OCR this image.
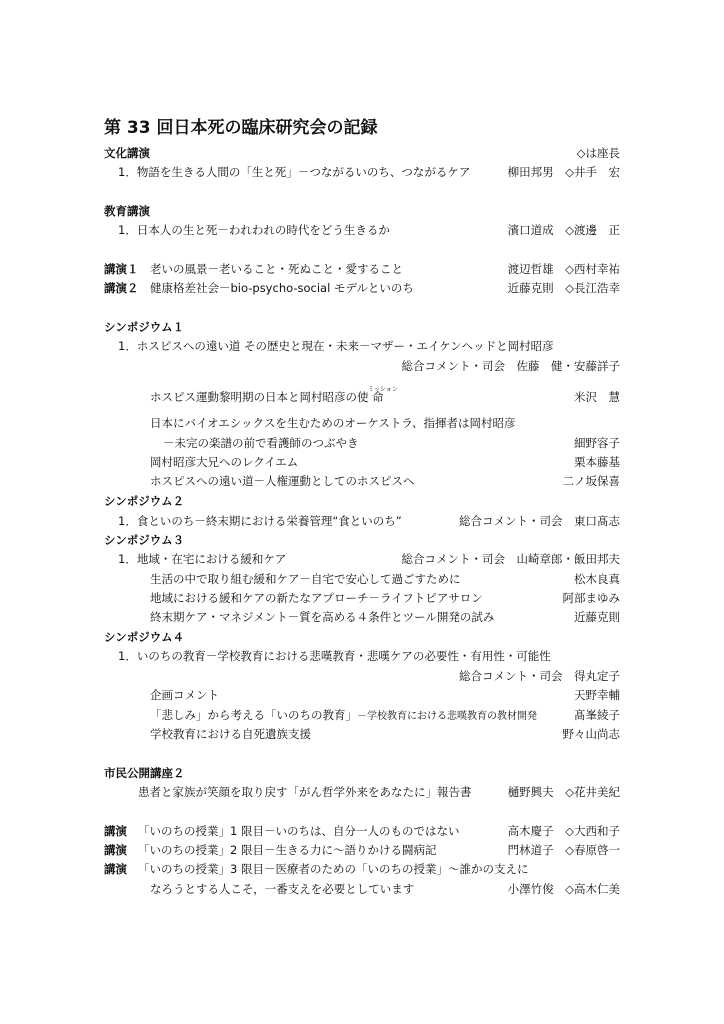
第 33 回日本死の臨床研究会の記録
文化講演	◇は座長
1．物語を生きる人間の「生と死」－つながるいのち、つながるケア	柳田邦男　◇井手　宏
教育講演
1．日本人の生と死－われわれの時代をどう生きるか	濱口道成　◇渡邊　正
講演１ 老いの風景－老いること・死ぬこと・愛すること	渡辺哲雄　◇西村幸祐
講演２ 健康格差社会－bio-psycho-social モデルといのち	近藤克則　◇長江浩幸
シンポジウム１
1．ホスピスへの遠い道 その歴史と現在・未来－マザー・エイケンヘッドと岡村昭彦
総合コメント・司会　佐藤　健・安藤詳子
ミッション
ホスピス運動黎明期の日本と岡村昭彦の使 命	米沢　慧
日本にバイオエシックスを生むためのオーケストラ、指揮者は岡村昭彦
－未完の楽譜の前で看護師のつぶやき	細野容子
岡村昭彦大兄へのレクイエム	栗本藤基
ホスピスへの遠い道－人権運動としてのホスピスへ	二ノ坂保喜
シンポジウム２
1．食といのち－終末期における栄養管理“食といのち”	総合コメント・司会　東口髙志
シンポジウム３
1．地域・在宅における緩和ケア	総合コメント・司会　山崎章郎・飯田邦夫
生活の中で取り組む緩和ケア－自宅で安心して過ごすために	松木良真
地域における緩和ケアの新たなアプローチ－ライフトピアサロン	阿部まゆみ
終末期ケア・マネジメント－質を高める４条件とツール開発の試み	近藤克則
シンポジウム４
1．いのちの教育－学校教育における悲嘆教育・悲嘆ケアの必要性・有用性・可能性
総合コメント・司会　得丸定子
企画コメント	天野幸輔
「悲しみ」から考える「いのちの教育」－学校教育における悲嘆教育の教材開発	髙峯綾子
学校教育における自死遺族支援	野々山尚志
市民公開講座２
患者と家族が笑顔を取り戻す「がん哲学外来をあなたに」報告書	樋野興夫　◇花井美紀
講演 「いのちの授業」1 限目－いのちは、自分一人のものではない	高木慶子　◇大西和子
講演 「いのちの授業」2 限目－生きる力に～語りかける闘病記	門林道子　◇春原啓一
講演 「いのちの授業」3 限目－医療者のための「いのちの授業」～誰かの支えに
なろうとする人こそ，一番支えを必要としています	小澤竹俊　◇高木仁美
